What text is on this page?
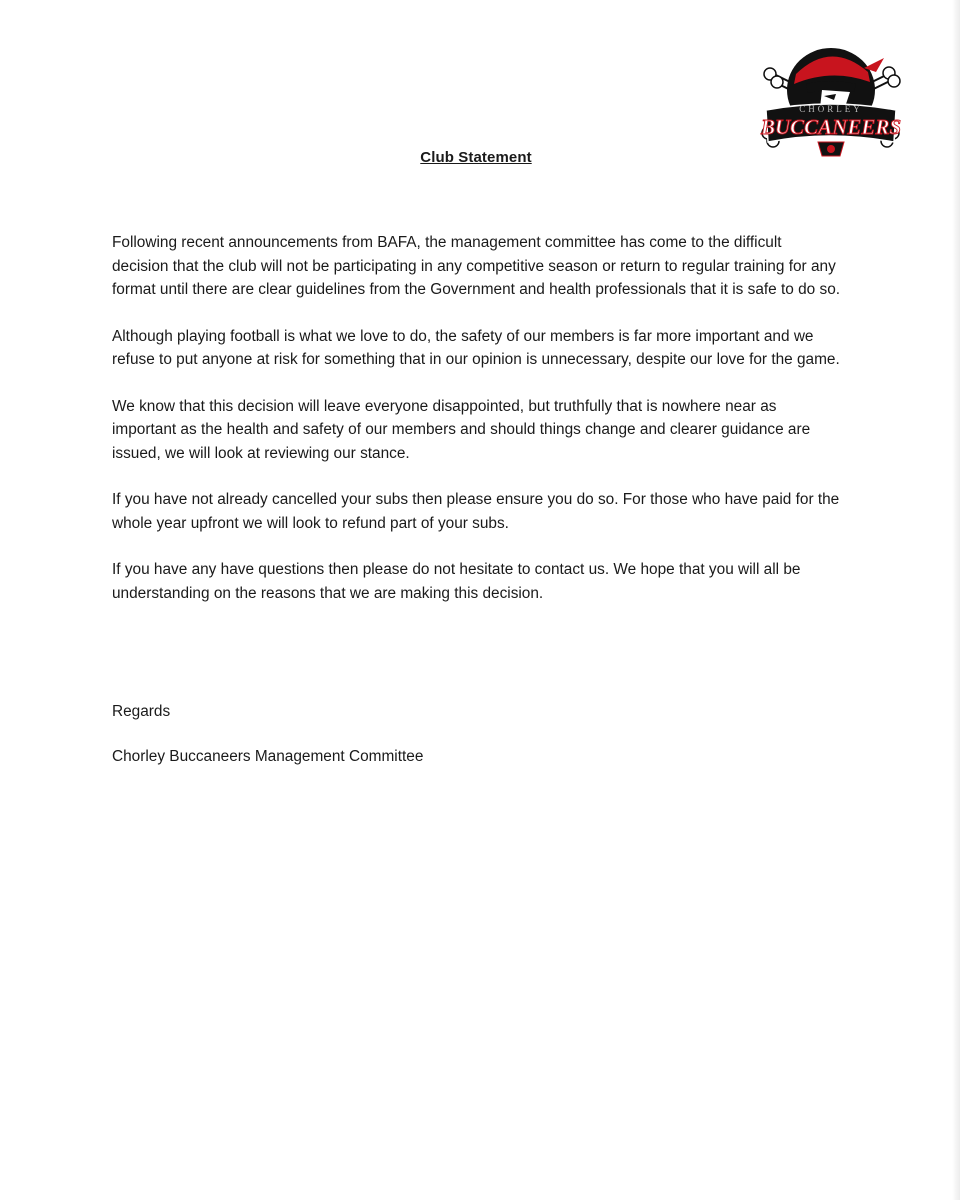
CHORLEY
BUCCANEERS
Club Statement

Following recent announcements from BAFA, the management committee has come to the difficult decision that the club will not be participating in any competitive season or return to regular training for any format until there are clear guidelines from the Government and health professionals that it is safe to do so.

Although playing football is what we love to do, the safety of our members is far more important and we refuse to put anyone at risk for something that in our opinion is unnecessary, despite our love for the game.

We know that this decision will leave everyone disappointed, but truthfully that is nowhere near as important as the health and safety of our members and should things change and clearer guidance are issued, we will look at reviewing our stance.

If you have not already cancelled your subs then please ensure you do so. For those who have paid for the whole year upfront we will look to refund part of your subs.

If you have any have questions then please do not hesitate to contact us. We hope that you will all be understanding on the reasons that we are making this decision.

Regards
Chorley Buccaneers Management Committee
